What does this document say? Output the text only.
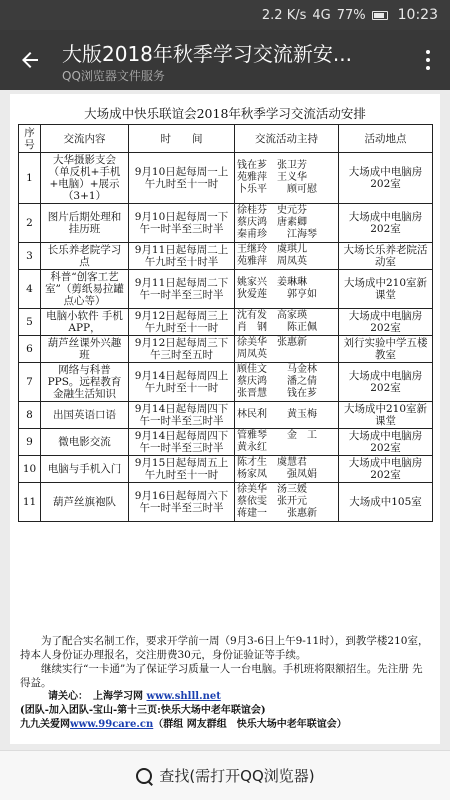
2.2 K/s 4G 77% 10:23
大版2018年秋季学习交流新安...
QQ浏览器文件服务
大场成中快乐联谊会2018年秋季学习交流活动安排
序号	交流内容	时　　间	交流活动主持	活动地点
1	大华摄影支会（单反机+手机+电脑）+展示（3+1）	9月10日起每周一上午九时至十一时	钱在芗　张卫芳
苑雅萍　王义华
卜乐平　　顾可慰	大场成中电脑房202室
2	图片后期处理和挂历班	9月10日起每周一下午一时半至三时半	徐桂芬　史元芬
蔡庆鸿　唐素卿
秦甫珍　　江海琴	大场成中电脑房202室
3	长乐养老院学习点	9月11日起每周二上午九时至十时半	王继玲　虞琪儿
苑雅萍　周凤英	大场长乐养老院活动室
4	科普“创客工艺室”（剪纸易拉罐 点心等）	9月11日起每周二下午一时半至三时半	姚家兴　姜琳琳
狄爱莲　　郭亨如	大场成中210室新课堂
5	电脑小软件 手机APP，	9月12日起每周三上午九时至十一时	沈有发　高家瑛
肖　钢　　陈正佩	大场成中电脑房202室
6	葫芦丝课外兴趣班	9月12日起每周三下午三时至五时	徐美华　张惠新
周凤英	刘行实验中学五楼教室
7	网络与科普PPS。远程教育金融生活知识	9月14日起每周四上午九时至十一时	顾佳文　　马金林
蔡庆鸿　　潘之倩
张晋慧　　钱在芗	大场成中电脑房202室
8	出国英语口语	9月14日起每周四下午一时半至三时半	林民利　　黄玉梅	大场成中210室新课堂
9	微电影交流	9月14日起每周四下午一时半至三时半	管雅琴　　金　工
黄永红	大场成中电脑房202室
10	电脑与手机入门	9月15日起每周五上午九时至十一时	陈才生　虞慧君
杨家凤　　强凤娟	大场成中电脑房202室
11	葫芦丝旗袍队	9月16日起每周六下午一时半至三时半	徐美华　汤三媛
蔡依雯　张开元
蒋建一　　张惠新	大场成中105室

为了配合实名制工作，要求开学前一周（9月3-6日上午9-11时），到教学楼210室，持本人身份证办理报名，交注册费30元，身份证验证等手续。

继续实行“一卡通”为了保证学习质量一人一台电脑。手机班将限额招生。先注册 先得益。

请关心：　上海学习网 www.shlll.net

(团队-加入团队-宝山-第十三页:快乐大场中老年联谊会)

九九关爱网www.99care.cn（群组 网友群组　快乐大场中老年联谊会）

查找(需打开QQ浏览器)
